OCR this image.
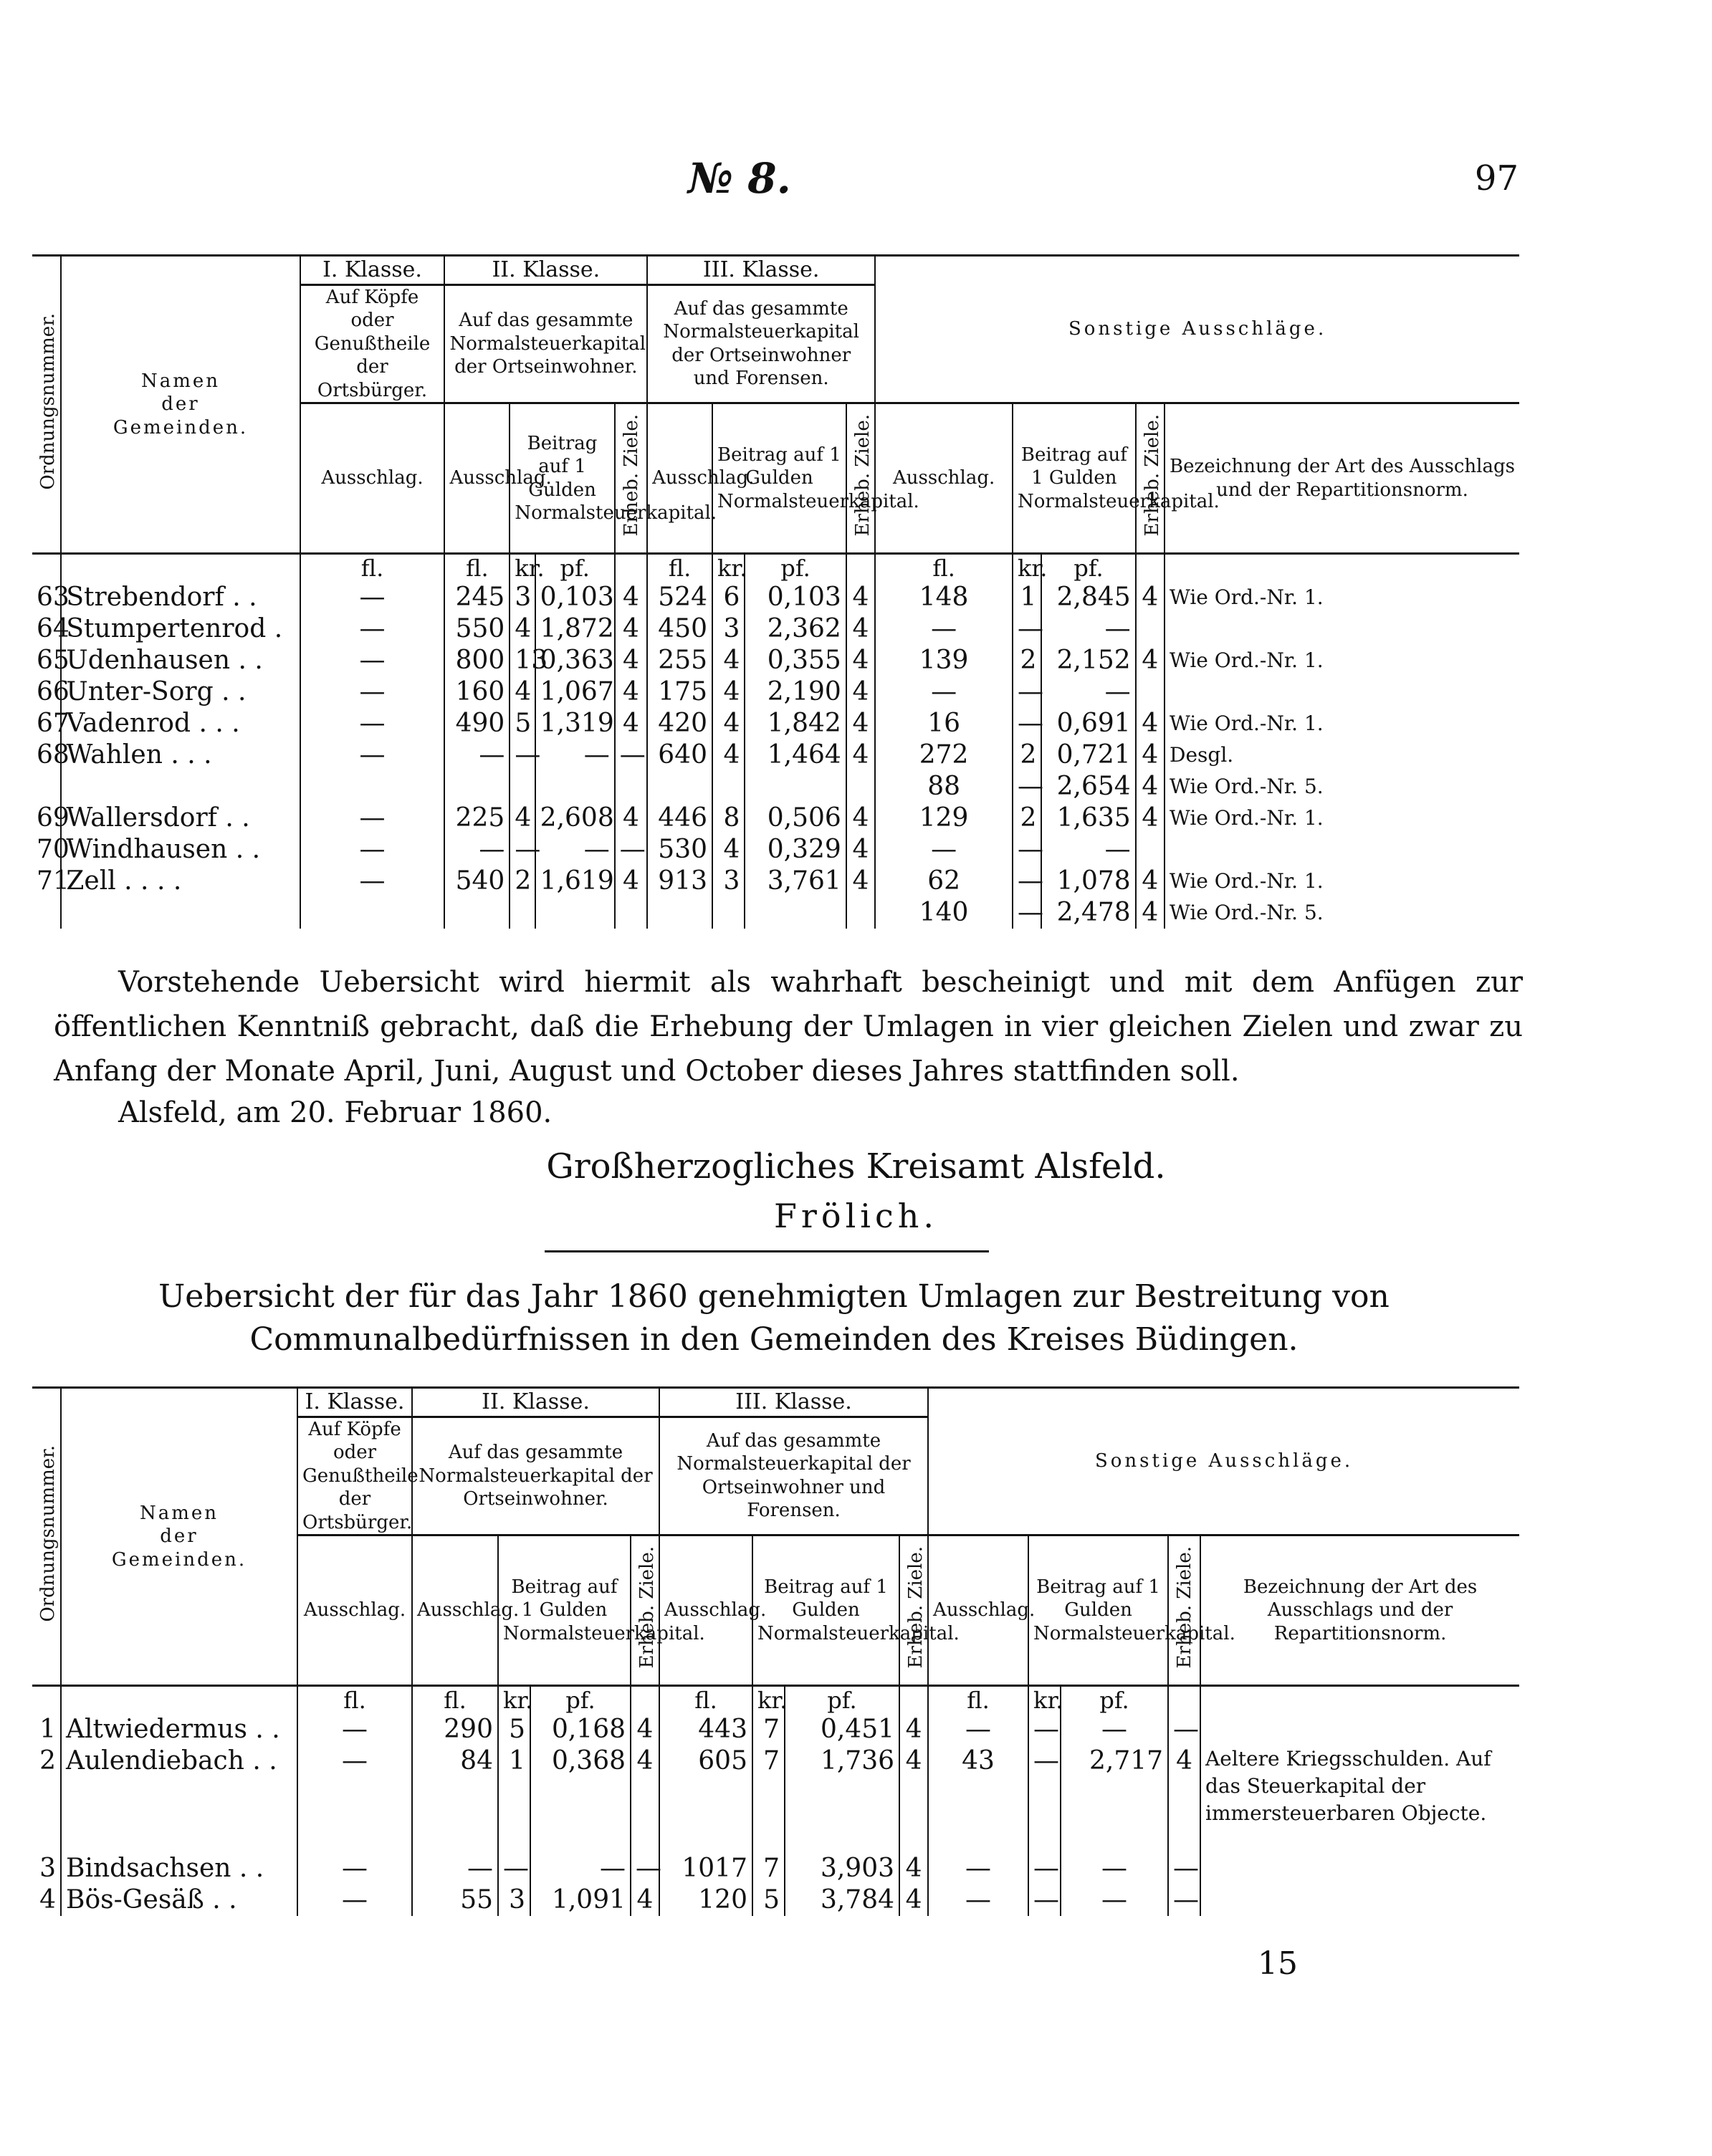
№ 8.	97
Ordnungsnummer.	Namen
der
Gemeinden.	I. Klasse.	II. Klasse.				III. Klasse.				Sonstige Ausschläge.				
		Auf Köpfe oder Genußtheile der Ortsbürger.	Auf das gesammte Normalsteuerkapital der Ortseinwohner.				Auf das gesammte Normalsteuerkapital der Ortseinwohner und Forensen.								
		Ausschlag.	Ausschlag.	Beitrag auf 1 Gulden Normalsteuerkapital.		Erheb. Ziele.	Ausschlag.	Beitrag auf 1 Gulden Normalsteuerkapital.		Erheb. Ziele.	Ausschlag.	Beitrag auf 1 Gulden Normalsteuerkapital.		Erheb. Ziele.	Bezeichnung der Art des Ausschlags und der Repartitionsnorm.
		fl.	fl.	kr.	pf.		fl.	kr.	pf.		fl.	kr.	pf.		
63	Strebendorf . .	—	245	3	0,103	4	524	6	0,103	4	148	1	2,845	4	Wie Ord.-Nr. 1.
64	Stumpertenrod .	—	550	4	1,872	4	450	3	2,362	4	—	—	—		
65	Udenhausen . .	—	800	13	0,363	4	255	4	0,355	4	139	2	2,152	4	Wie Ord.-Nr. 1.
66	Unter-Sorg . .	—	160	4	1,067	4	175	4	2,190	4	—	—	—		
67	Vadenrod . . .	—	490	5	1,319	4	420	4	1,842	4	16	—	0,691	4	Wie Ord.-Nr. 1.
68	Wahlen . . .	—	—	—	—	—	640	4	1,464	4	272	2	0,721	4	Desgl.
											88	—	2,654	4	Wie Ord.-Nr. 5.
69	Wallersdorf . .	—	225	4	2,608	4	446	8	0,506	4	129	2	1,635	4	Wie Ord.-Nr. 1.
70	Windhausen . .	—	—	—	—	—	530	4	0,329	4	—	—	—		
71	Zell . . . .	—	540	2	1,619	4	913	3	3,761	4	62	—	1,078	4	Wie Ord.-Nr. 1.
											140	—	2,478	4	Wie Ord.-Nr. 5.
Vorstehende Uebersicht wird hiermit als wahrhaft bescheinigt und mit dem Anfügen zur öffentlichen Kenntniß gebracht, daß die Erhebung der Umlagen in vier gleichen Zielen und zwar zu Anfang der Monate April, Juni, August und October dieses Jahres stattfinden soll.
Alsfeld, am 20. Februar 1860.
Großherzogliches Kreisamt Alsfeld.
Frölich.
Uebersicht der für das Jahr 1860 genehmigten Umlagen zur Bestreitung von Communalbedürfnissen in den Gemeinden des Kreises Büdingen.
Ordnungsnummer.	Namen
der
Gemeinden.	I. Klasse.	II. Klasse.				III. Klasse.				Sonstige Ausschläge.				
		Auf Köpfe oder Genußtheile der Ortsbürger.	Auf das gesammte Normalsteuerkapital der Ortseinwohner.				Auf das gesammte Normalsteuerkapital der Ortseinwohner und Forensen.								
		Ausschlag.	Ausschlag.	Beitrag auf 1 Gulden Normalsteuerkapital.		Erheb. Ziele.	Ausschlag.	Beitrag auf 1 Gulden Normalsteuerkapital.		Erheb. Ziele.	Ausschlag.	Beitrag auf 1 Gulden Normalsteuerkapital.		Erheb. Ziele.	Bezeichnung der Art des Ausschlags und der Repartitionsnorm.
		fl.	fl.	kr.	pf.		fl.	kr.	pf.		fl.	kr.	pf.		
1	Altwiedermus . .	—	290	5	0,168	4	443	7	0,451	4	—	—	—	—	
2	Aulendiebach . .	—	84	1	0,368	4	605	7	1,736	4	43	—	2,717	4	Aeltere Kriegsschulden. Auf das Steuerkapital der immersteuerbaren Objecte.
3	Bindsachsen . .	—	—	—	—	—	1017	7	3,903	4	—	—	—	—	
4	Bös-Gesäß . .	—	55	3	1,091	4	120	5	3,784	4	—	—	—	—	
15
